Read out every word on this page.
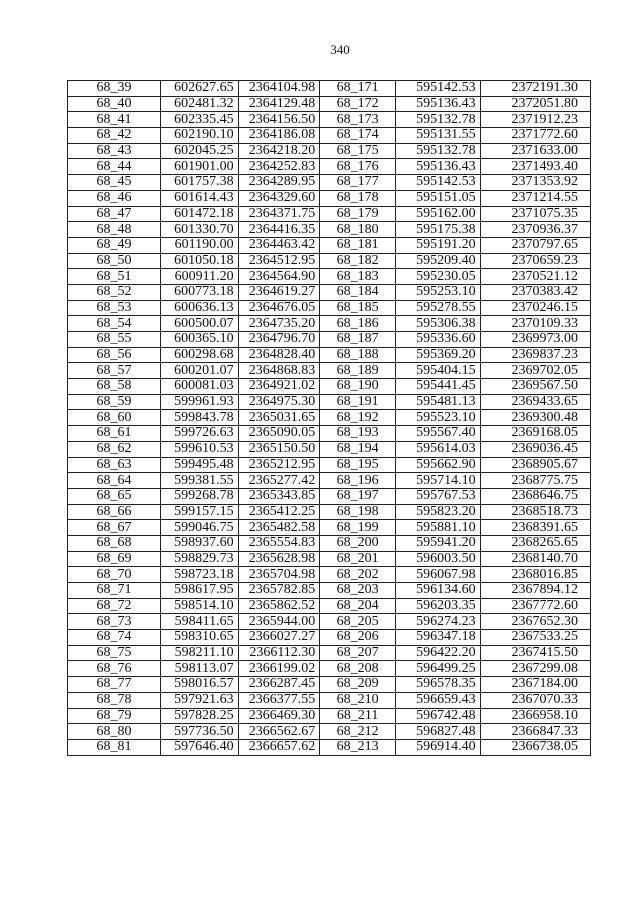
340
68_39	602627.65	2364104.98	68_171	595142.53	2372191.30
68_40	602481.32	2364129.48	68_172	595136.43	2372051.80
68_41	602335.45	2364156.50	68_173	595132.78	2371912.23
68_42	602190.10	2364186.08	68_174	595131.55	2371772.60
68_43	602045.25	2364218.20	68_175	595132.78	2371633.00
68_44	601901.00	2364252.83	68_176	595136.43	2371493.40
68_45	601757.38	2364289.95	68_177	595142.53	2371353.92
68_46	601614.43	2364329.60	68_178	595151.05	2371214.55
68_47	601472.18	2364371.75	68_179	595162.00	2371075.35
68_48	601330.70	2364416.35	68_180	595175.38	2370936.37
68_49	601190.00	2364463.42	68_181	595191.20	2370797.65
68_50	601050.18	2364512.95	68_182	595209.40	2370659.23
68_51	600911.20	2364564.90	68_183	595230.05	2370521.12
68_52	600773.18	2364619.27	68_184	595253.10	2370383.42
68_53	600636.13	2364676.05	68_185	595278.55	2370246.15
68_54	600500.07	2364735.20	68_186	595306.38	2370109.33
68_55	600365.10	2364796.70	68_187	595336.60	2369973.00
68_56	600298.68	2364828.40	68_188	595369.20	2369837.23
68_57	600201.07	2364868.83	68_189	595404.15	2369702.05
68_58	600081.03	2364921.02	68_190	595441.45	2369567.50
68_59	599961.93	2364975.30	68_191	595481.13	2369433.65
68_60	599843.78	2365031.65	68_192	595523.10	2369300.48
68_61	599726.63	2365090.05	68_193	595567.40	2369168.05
68_62	599610.53	2365150.50	68_194	595614.03	2369036.45
68_63	599495.48	2365212.95	68_195	595662.90	2368905.67
68_64	599381.55	2365277.42	68_196	595714.10	2368775.75
68_65	599268.78	2365343.85	68_197	595767.53	2368646.75
68_66	599157.15	2365412.25	68_198	595823.20	2368518.73
68_67	599046.75	2365482.58	68_199	595881.10	2368391.65
68_68	598937.60	2365554.83	68_200	595941.20	2368265.65
68_69	598829.73	2365628.98	68_201	596003.50	2368140.70
68_70	598723.18	2365704.98	68_202	596067.98	2368016.85
68_71	598617.95	2365782.85	68_203	596134.60	2367894.12
68_72	598514.10	2365862.52	68_204	596203.35	2367772.60
68_73	598411.65	2365944.00	68_205	596274.23	2367652.30
68_74	598310.65	2366027.27	68_206	596347.18	2367533.25
68_75	598211.10	2366112.30	68_207	596422.20	2367415.50
68_76	598113.07	2366199.02	68_208	596499.25	2367299.08
68_77	598016.57	2366287.45	68_209	596578.35	2367184.00
68_78	597921.63	2366377.55	68_210	596659.43	2367070.33
68_79	597828.25	2366469.30	68_211	596742.48	2366958.10
68_80	597736.50	2366562.67	68_212	596827.48	2366847.33
68_81	597646.40	2366657.62	68_213	596914.40	2366738.05
